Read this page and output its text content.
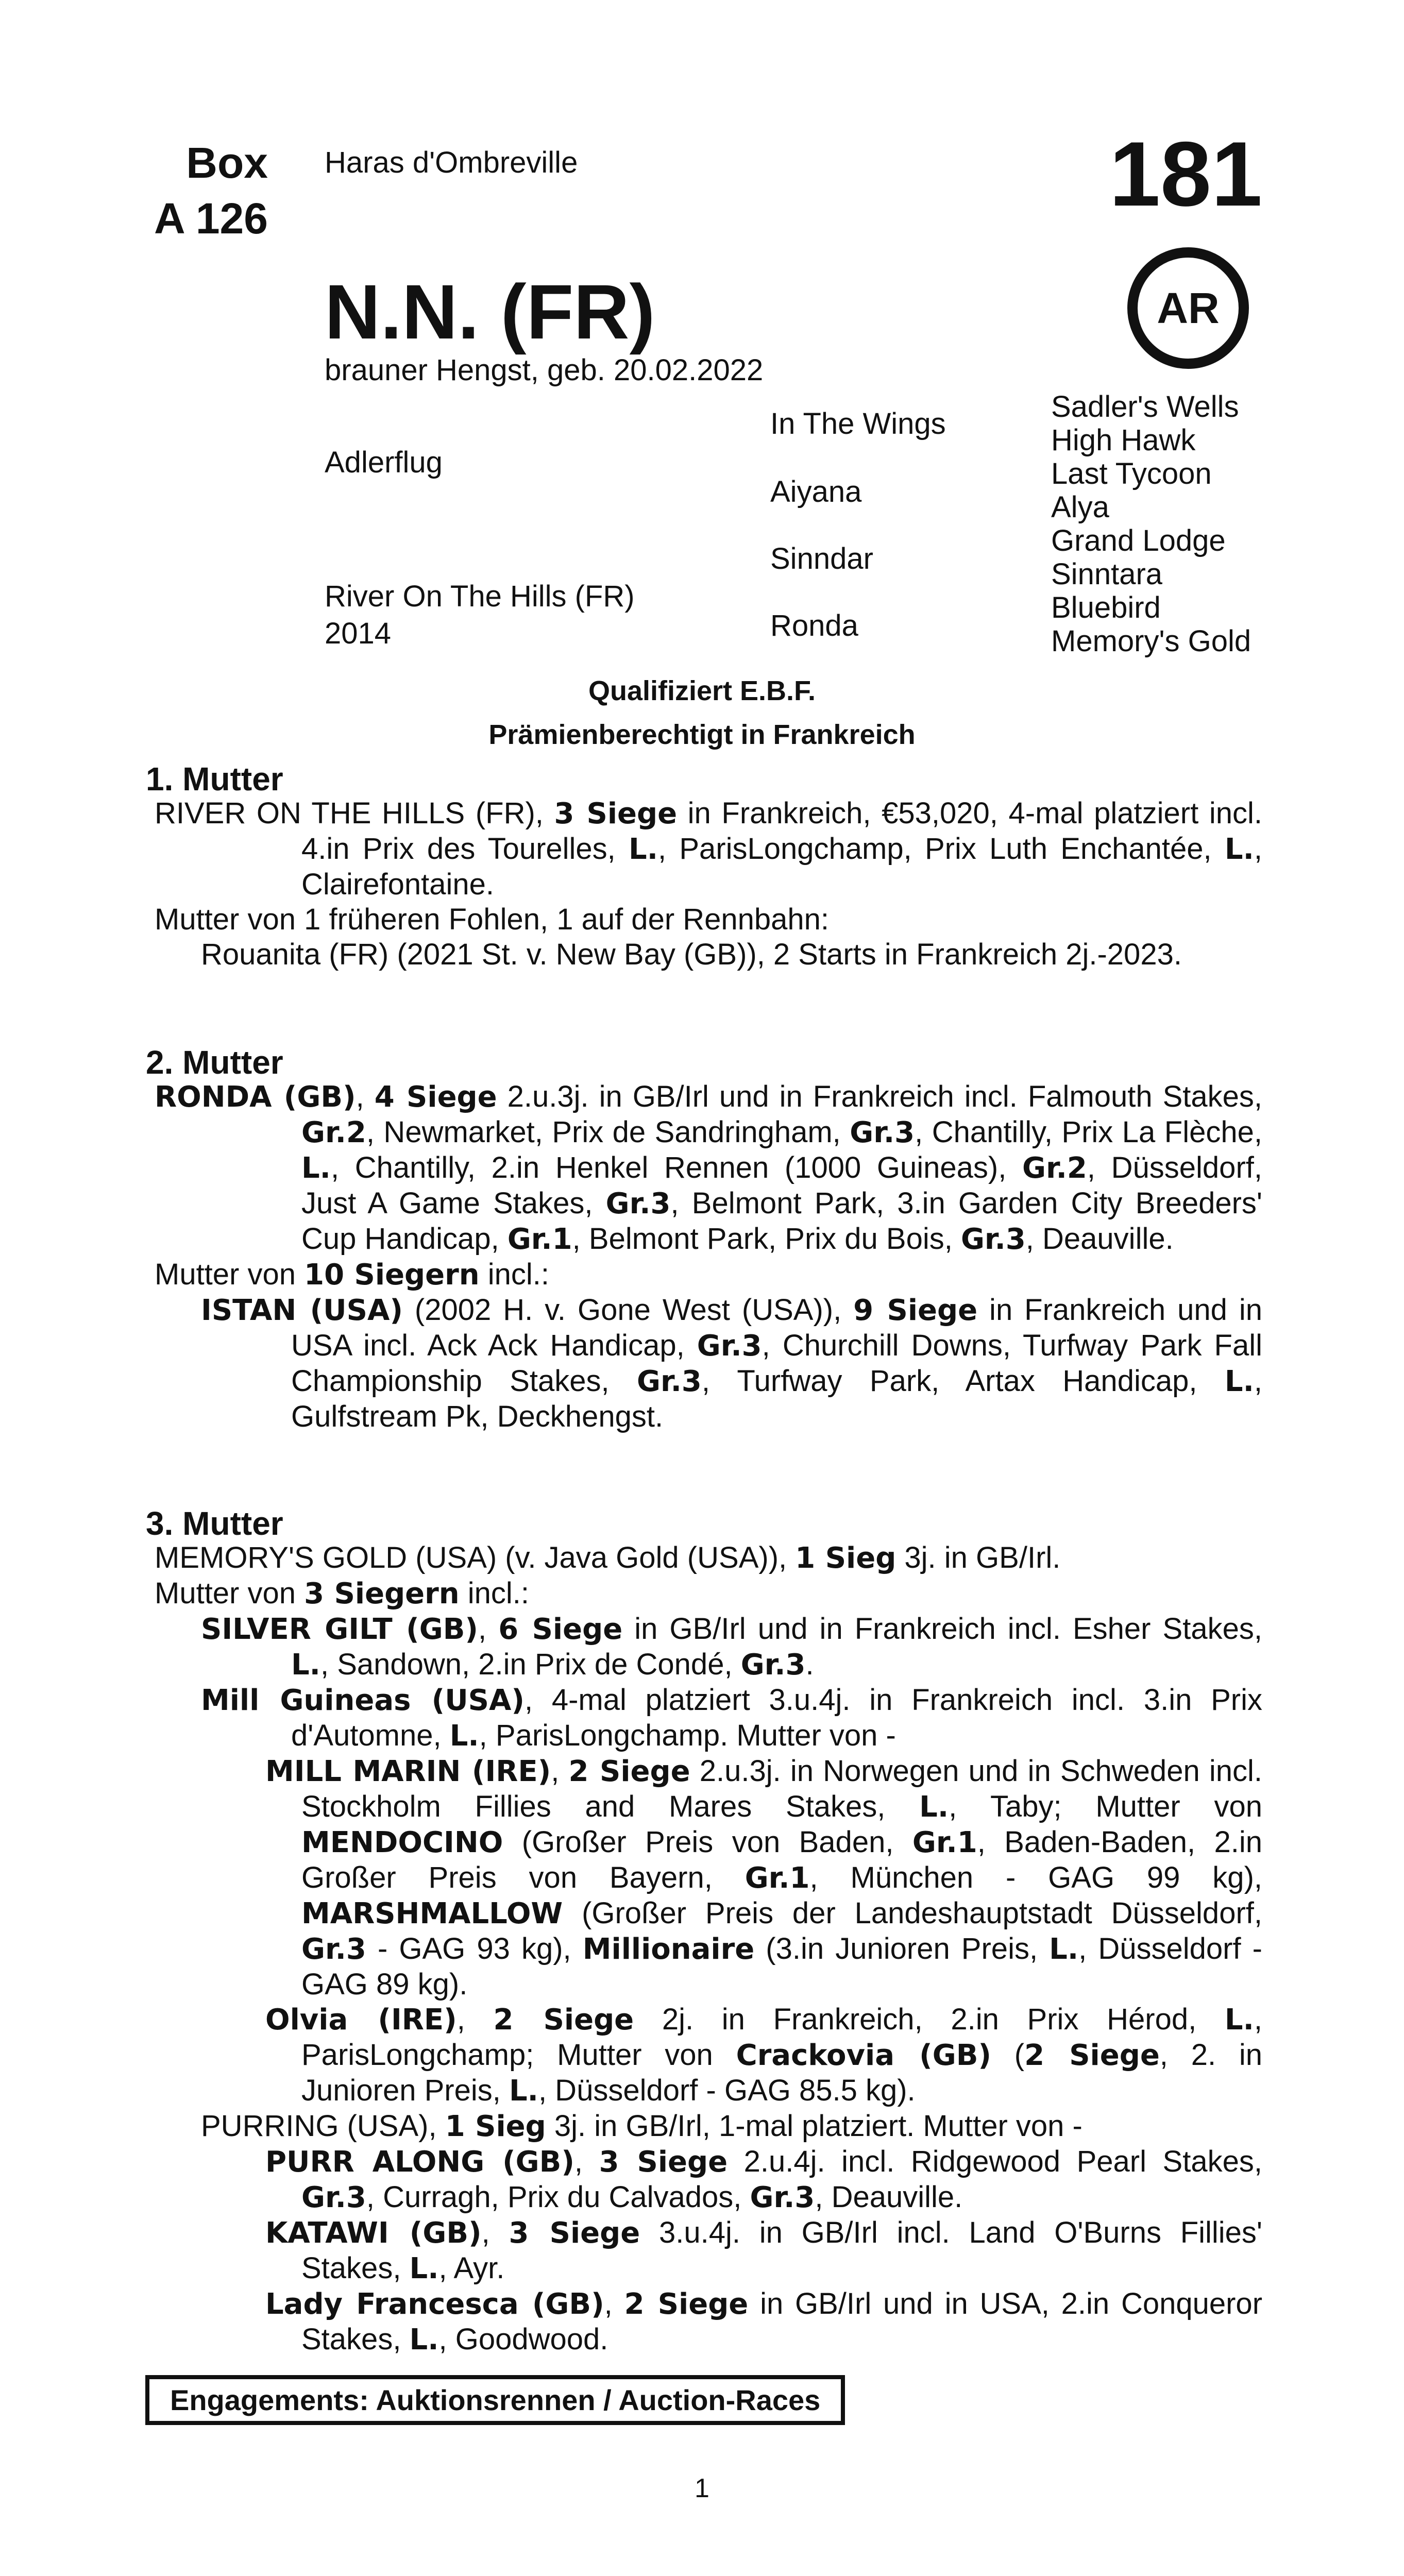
Box
A 126
Haras d'Ombreville	181
AR
N.N. (FR)
brauner Hengst, geb. 20.02.2022
Adlerflug
River On The Hills (FR)
2014
In The Wings
Aiyana
Sinndar
Ronda
Sadler's Wells
High Hawk
Last Tycoon
Alya
Grand Lodge
Sinntara
Bluebird
Memory's Gold
Qualifiziert E.B.F.
Prämienberechtigt in Frankreich
1. Mutter

RIVER ON THE HILLS (FR), 3 Siege in Frankreich, €53,020, 4-mal platziert incl. 4.in Prix des Tourelles, L., ParisLongchamp, Prix Luth Enchantée, L., Clairefontaine.

Mutter von 1 früheren Fohlen, 1 auf der Rennbahn:

Rouanita (FR) (2021 St. v. New Bay (GB)), 2 Starts in Frankreich 2j.-2023.

2. Mutter

RONDA (GB), 4 Siege 2.u.3j. in GB/Irl und in Frankreich incl. Falmouth Stakes, Gr.2, Newmarket, Prix de Sandringham, Gr.3, Chantilly, Prix La Flèche, L., Chantilly, 2.in Henkel Rennen (1000 Guineas), Gr.2, Düsseldorf, Just A Game Stakes, Gr.3, Belmont Park, 3.in Garden City Breeders' Cup Handicap, Gr.1, Belmont Park, Prix du Bois, Gr.3, Deauville.

Mutter von 10 Siegern incl.:

ISTAN (USA) (2002 H. v. Gone West (USA)), 9 Siege in Frankreich und in USA incl. Ack Ack Handicap, Gr.3, Churchill Downs, Turfway Park Fall Championship Stakes, Gr.3, Turfway Park, Artax Handicap, L., Gulfstream Pk, Deckhengst.

3. Mutter

MEMORY'S GOLD (USA) (v. Java Gold (USA)), 1 Sieg 3j. in GB/Irl.

Mutter von 3 Siegern incl.:

SILVER GILT (GB), 6 Siege in GB/Irl und in Frankreich incl. Esher Stakes, L., Sandown, 2.in Prix de Condé, Gr.3.

Mill Guineas (USA), 4-mal platziert 3.u.4j. in Frankreich incl. 3.in Prix d'Automne, L., ParisLongchamp. Mutter von -

MILL MARIN (IRE), 2 Siege 2.u.3j. in Norwegen und in Schweden incl. Stockholm Fillies and Mares Stakes, L., Taby; Mutter von MENDOCINO (Großer Preis von Baden, Gr.1, Baden-Baden, 2.in Großer Preis von Bayern, Gr.1, München - GAG 99 kg), MARSHMALLOW (Großer Preis der Landeshauptstadt Düsseldorf, Gr.3 - GAG 93 kg), Millionaire (3.in Junioren Preis, L., Düsseldorf - GAG 89 kg).

Olvia (IRE), 2 Siege 2j. in Frankreich, 2.in Prix Hérod, L., ParisLongchamp; Mutter von Crackovia (GB) (2 Siege, 2. in Junioren Preis, L., Düsseldorf - GAG 85.5 kg).

PURRING (USA), 1 Sieg 3j. in GB/Irl, 1-mal platziert. Mutter von -

PURR ALONG (GB), 3 Siege 2.u.4j. incl. Ridgewood Pearl Stakes, Gr.3, Curragh, Prix du Calvados, Gr.3, Deauville.

KATAWI (GB), 3 Siege 3.u.4j. in GB/Irl incl. Land O'Burns Fillies' Stakes, L., Ayr.

Lady Francesca (GB), 2 Siege in GB/Irl und in USA, 2.in Conqueror Stakes, L., Goodwood.

Engagements: Auktionsrennen / Auction-Races
1
